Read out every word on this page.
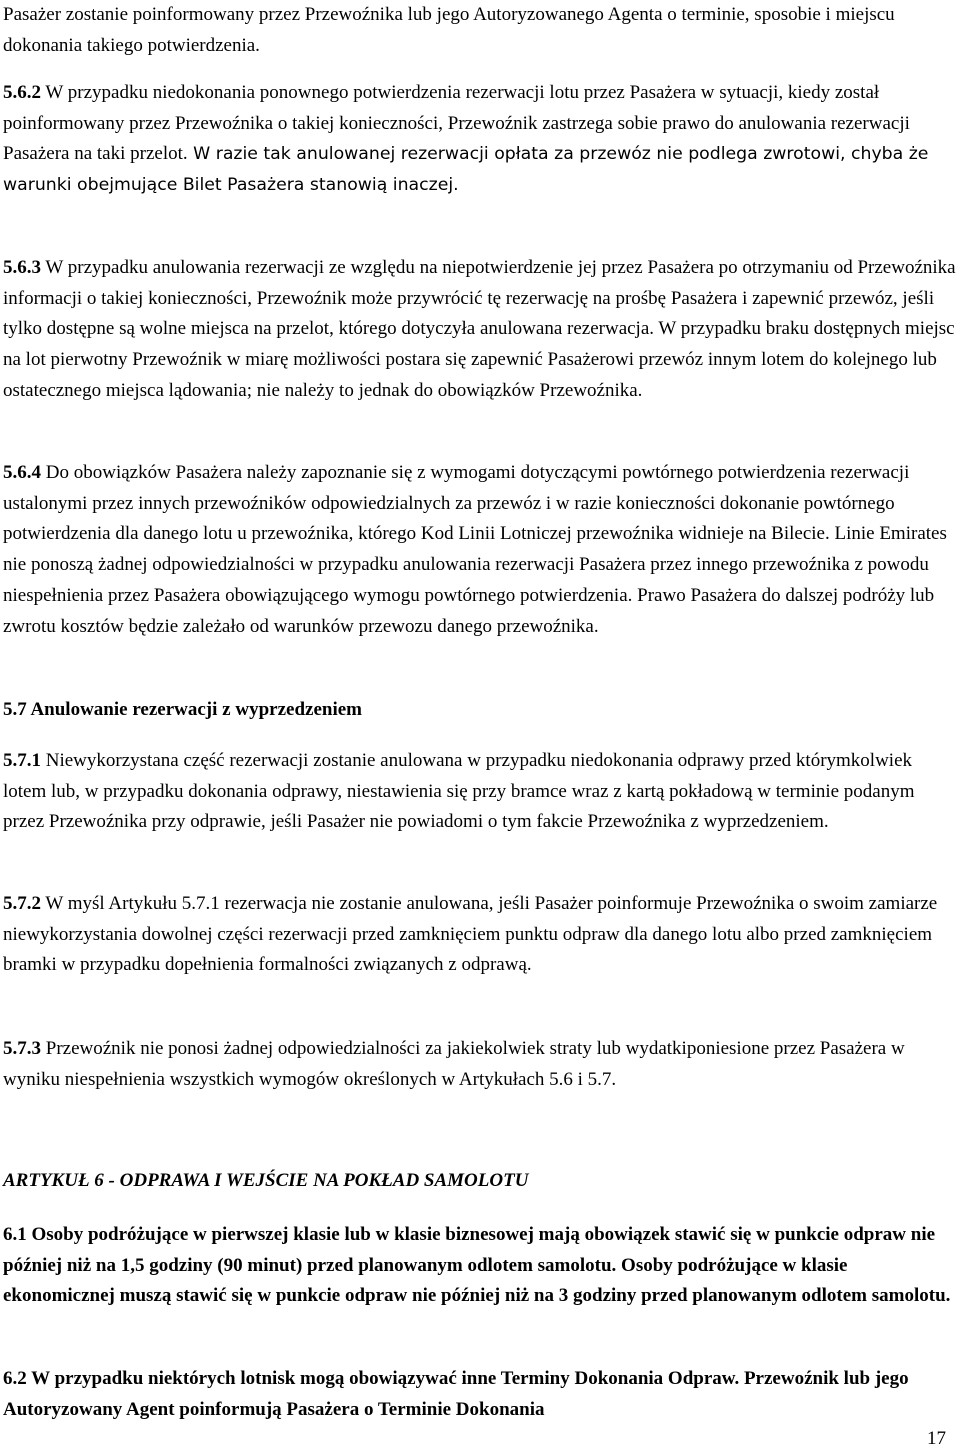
Pasażer zostanie poinformowany przez Przewoźnika lub jego Autoryzowanego Agenta o terminie, sposobie i miejscu dokonania takiego potwierdzenia.

5.6.2 W przypadku niedokonania ponownego potwierdzenia rezerwacji lotu przez Pasażera w sytuacji, kiedy został poinformowany przez Przewoźnika o takiej konieczności, Przewoźnik zastrzega sobie prawo do anulowania rezerwacji Pasażera na taki przelot. W razie tak anulowanej rezerwacji opłata za przewóz nie podlega zwrotowi, chyba że warunki obejmujące Bilet Pasażera stanowią inaczej.

5.6.3 W przypadku anulowania rezerwacji ze względu na niepotwierdzenie jej przez Pasażera po otrzymaniu od Przewoźnika informacji o takiej konieczności, Przewoźnik może przywrócić tę rezerwację na prośbę Pasażera i zapewnić przewóz, jeśli tylko dostępne są wolne miejsca na przelot, którego dotyczyła anulowana rezerwacja. W przypadku braku dostępnych miejsc na lot pierwotny Przewoźnik w miarę możliwości postara się zapewnić Pasażerowi przewóz innym lotem do kolejnego lub ostatecznego miejsca lądowania; nie należy to jednak do obowiązków Przewoźnika.

5.6.4 Do obowiązków Pasażera należy zapoznanie się z wymogami dotyczącymi powtórnego potwierdzenia rezerwacji ustalonymi przez innych przewoźników odpowiedzialnych za przewóz i w razie konieczności dokonanie powtórnego potwierdzenia dla danego lotu u przewoźnika, którego Kod Linii Lotniczej przewoźnika widnieje na Bilecie. Linie Emirates nie ponoszą żadnej odpowiedzialności w przypadku anulowania rezerwacji Pasażera przez innego przewoźnika z powodu niespełnienia przez Pasażera obowiązującego wymogu powtórnego potwierdzenia. Prawo Pasażera do dalszej podróży lub zwrotu kosztów będzie zależało od warunków przewozu danego przewoźnika.

5.7 Anulowanie rezerwacji z wyprzedzeniem

5.7.1 Niewykorzystana część rezerwacji zostanie anulowana w przypadku niedokonania odprawy przed którymkolwiek lotem lub, w przypadku dokonania odprawy, niestawienia się przy bramce wraz z kartą pokładową w terminie podanym przez Przewoźnika przy odprawie, jeśli Pasażer nie powiadomi o tym fakcie Przewoźnika z wyprzedzeniem.

5.7.2 W myśl Artykułu 5.7.1 rezerwacja nie zostanie anulowana, jeśli Pasażer poinformuje Przewoźnika o swoim zamiarze niewykorzystania dowolnej części rezerwacji przed zamknięciem punktu odpraw dla danego lotu albo przed zamknięciem bramki w przypadku dopełnienia formalności związanych z odprawą.

5.7.3 Przewoźnik nie ponosi żadnej odpowiedzialności za jakiekolwiek straty lub wydatkiponiesione przez Pasażera w wyniku niespełnienia wszystkich wymogów określonych w Artykułach 5.6 i 5.7.

ARTYKUŁ 6 - ODPRAWA I WEJŚCIE NA POKŁAD SAMOLOTU

6.1 Osoby podróżujące w pierwszej klasie lub w klasie biznesowej mają obowiązek stawić się w punkcie odpraw nie później niż na 1,5 godziny (90 minut) przed planowanym odlotem samolotu. Osoby podróżujące w klasie ekonomicznej muszą stawić się w punkcie odpraw nie później niż na 3 godziny przed planowanym odlotem samolotu.

6.2 W przypadku niektórych lotnisk mogą obowiązywać inne Terminy Dokonania Odpraw. Przewoźnik lub jego Autoryzowany Agent poinformują Pasażera o Terminie Dokonania

17
